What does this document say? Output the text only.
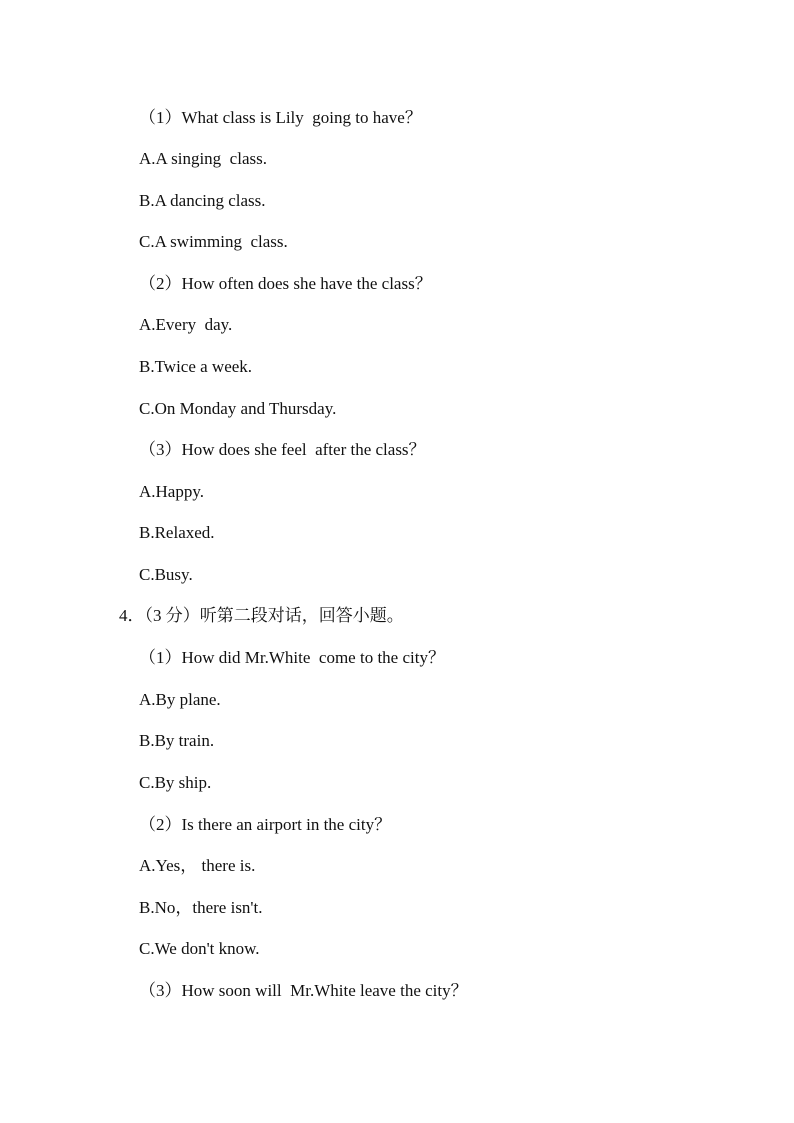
（1）What class is Lily  going to have？
A.A singing  class.
B.A dancing class.
C.A swimming  class.
（2）How often does she have the class？
A.Every  day.
B.Twice a week.
C.On Monday and Thursday.
（3）How does she feel  after the class？
A.Happy.
B.Relaxed.
C.Busy.
4．（3 分）听第二段对话，回答小题。
（1）How did Mr.White  come to the city？
A.By plane.
B.By train.
C.By ship.
（2）Is there an airport in the city？
A.Yes， there is.
B.No，there isn't.
C.We don't know.
（3）How soon will  Mr.White leave the city？
